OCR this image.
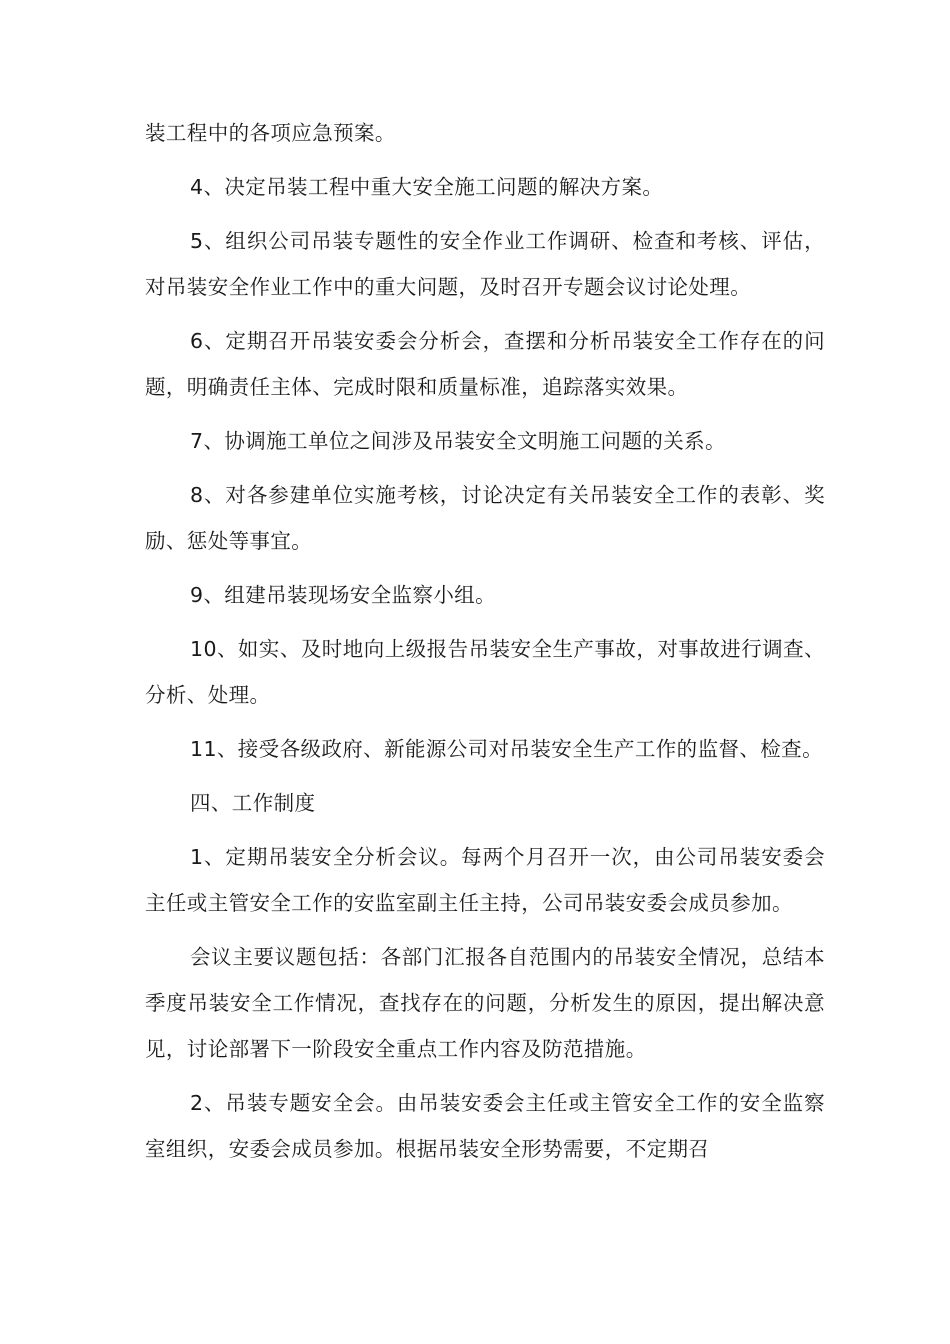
装工程中的各项应急预案。

4、决定吊装工程中重大安全施工问题的解决方案。

5、组织公司吊装专题性的安全作业工作调研、检查和考核、评估，对吊装安全作业工作中的重大问题，及时召开专题会议讨论处理。

6、定期召开吊装安委会分析会，查摆和分析吊装安全工作存在的问题，明确责任主体、完成时限和质量标准，追踪落实效果。

7、协调施工单位之间涉及吊装安全文明施工问题的关系。

8、对各参建单位实施考核，讨论决定有关吊装安全工作的表彰、奖励、惩处等事宜。

9、组建吊装现场安全监察小组。

10、如实、及时地向上级报告吊装安全生产事故，对事故进行调查、分析、处理。

11、接受各级政府、新能源公司对吊装安全生产工作的监督、检查。

四、工作制度

1、定期吊装安全分析会议。每两个月召开一次，由公司吊装安委会主任或主管安全工作的安监室副主任主持，公司吊装安委会成员参加。

会议主要议题包括：各部门汇报各自范围内的吊装安全情况，总结本季度吊装安全工作情况，查找存在的问题，分析发生的原因，提出解决意见，讨论部署下一阶段安全重点工作内容及防范措施。

2、吊装专题安全会。由吊装安委会主任或主管安全工作的安全监察室组织，安委会成员参加。根据吊装安全形势需要，不定期召
